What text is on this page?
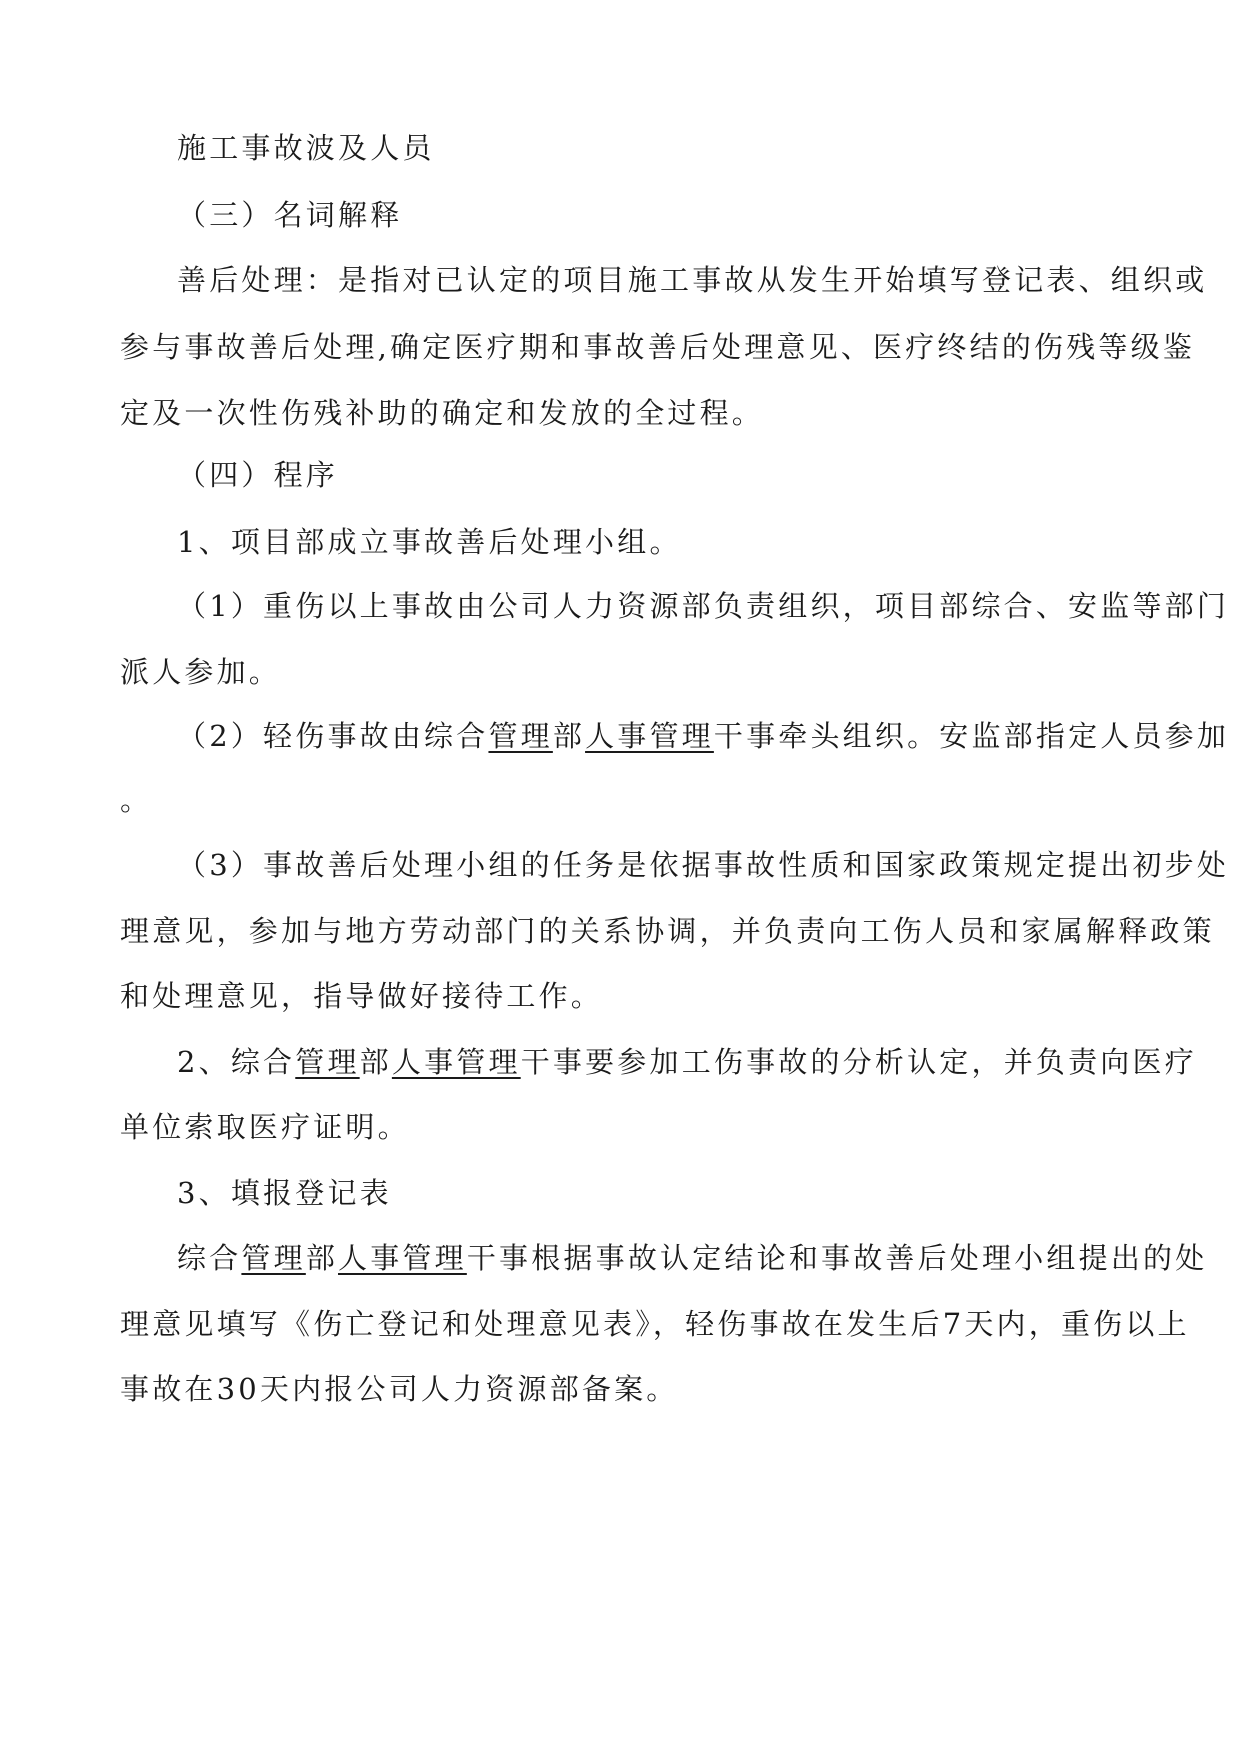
施工事故波及人员
（三）名词解释
善后处理：是指对已认定的项目施工事故从发生开始填写登记表、组织或
参与事故善后处理,确定医疗期和事故善后处理意见、医疗终结的伤残等级鉴
定及一次性伤残补助的确定和发放的全过程。
（四）程序
1、项目部成立事故善后处理小组。
（1）重伤以上事故由公司人力资源部负责组织，项目部综合、安监等部门
派人参加。
（2）轻伤事故由综合管理部人事管理干事牵头组织。安监部指定人员参加
。
（3）事故善后处理小组的任务是依据事故性质和国家政策规定提出初步处
理意见，参加与地方劳动部门的关系协调，并负责向工伤人员和家属解释政策
和处理意见，指导做好接待工作。
2、综合管理部人事管理干事要参加工伤事故的分析认定，并负责向医疗
单位索取医疗证明。
3、填报登记表
综合管理部人事管理干事根据事故认定结论和事故善后处理小组提出的处
理意见填写《伤亡登记和处理意见表》，轻伤事故在发生后7天内，重伤以上
事故在30天内报公司人力资源部备案。
